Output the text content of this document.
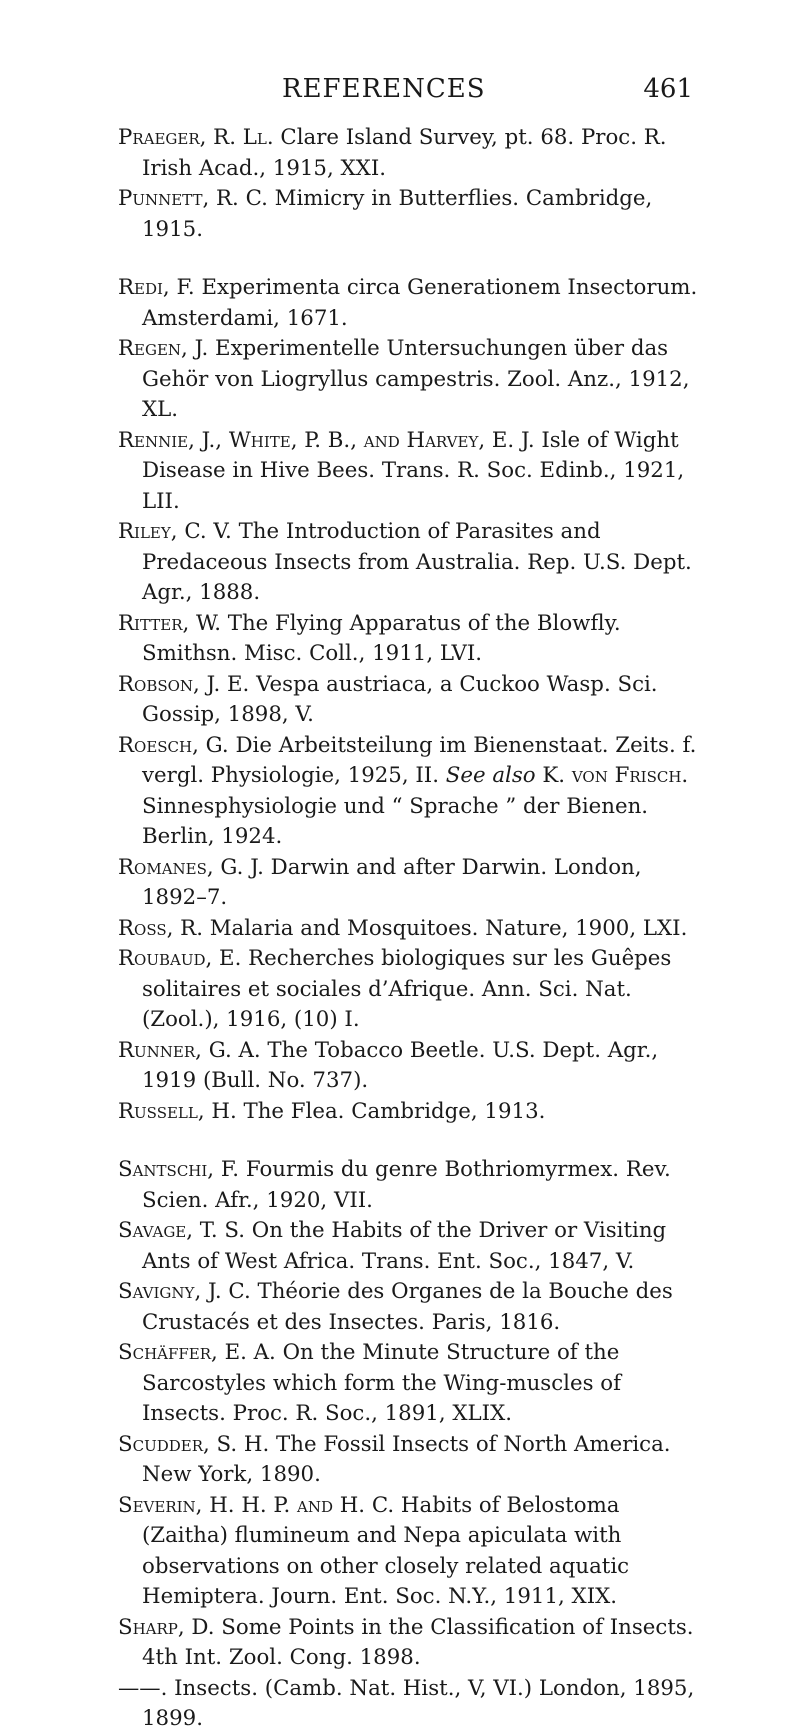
REFERENCES	461

Praeger, R. Ll. Clare Island Survey, pt. 68. Proc. R. Irish Acad., 1915, XXI.

Punnett, R. C. Mimicry in Butterflies. Cambridge, 1915.

Redi, F. Experimenta circa Generationem Insectorum. Amsterdami, 1671.

Regen, J. Experimentelle Untersuchungen über das Gehör von Liogryllus campestris. Zool. Anz., 1912, XL.

Rennie, J., White, P. B., and Harvey, E. J. Isle of Wight Disease in Hive Bees. Trans. R. Soc. Edinb., 1921, LII.

Riley, C. V. The Introduction of Parasites and Predaceous Insects from Australia. Rep. U.S. Dept. Agr., 1888.

Ritter, W. The Flying Apparatus of the Blowfly. Smithsn. Misc. Coll., 1911, LVI.

Robson, J. E. Vespa austriaca, a Cuckoo Wasp. Sci. Gossip, 1898, V.

Roesch, G. Die Arbeitsteilung im Bienenstaat. Zeits. f. vergl. Physiologie, 1925, II. See also K. von Frisch. Sinnesphysiologie und “ Sprache ” der Bienen. Berlin, 1924.

Romanes, G. J. Darwin and after Darwin. London, 1892–7.

Ross, R. Malaria and Mosquitoes. Nature, 1900, LXI.

Roubaud, E. Recherches biologiques sur les Guêpes solitaires et sociales d’Afrique. Ann. Sci. Nat. (Zool.), 1916, (10) I.

Runner, G. A. The Tobacco Beetle. U.S. Dept. Agr., 1919 (Bull. No. 737).

Russell, H. The Flea. Cambridge, 1913.

Santschi, F. Fourmis du genre Bothriomyrmex. Rev. Scien. Afr., 1920, VII.

Savage, T. S. On the Habits of the Driver or Visiting Ants of West Africa. Trans. Ent. Soc., 1847, V.

Savigny, J. C. Théorie des Organes de la Bouche des Crustacés et des Insectes. Paris, 1816.

Schäffer, E. A. On the Minute Structure of the Sarcostyles which form the Wing-muscles of Insects. Proc. R. Soc., 1891, XLIX.

Scudder, S. H. The Fossil Insects of North America. New York, 1890.

Severin, H. H. P. and H. C. Habits of Belostoma (Zaitha) flumineum and Nepa apiculata with observations on other closely related aquatic Hemiptera. Journ. Ent. Soc. N.Y., 1911, XIX.

Sharp, D. Some Points in the Classification of Insects. 4th Int. Zool. Cong. 1898.

——. Insects. (Camb. Nat. Hist., V, VI.) London, 1895, 1899.
